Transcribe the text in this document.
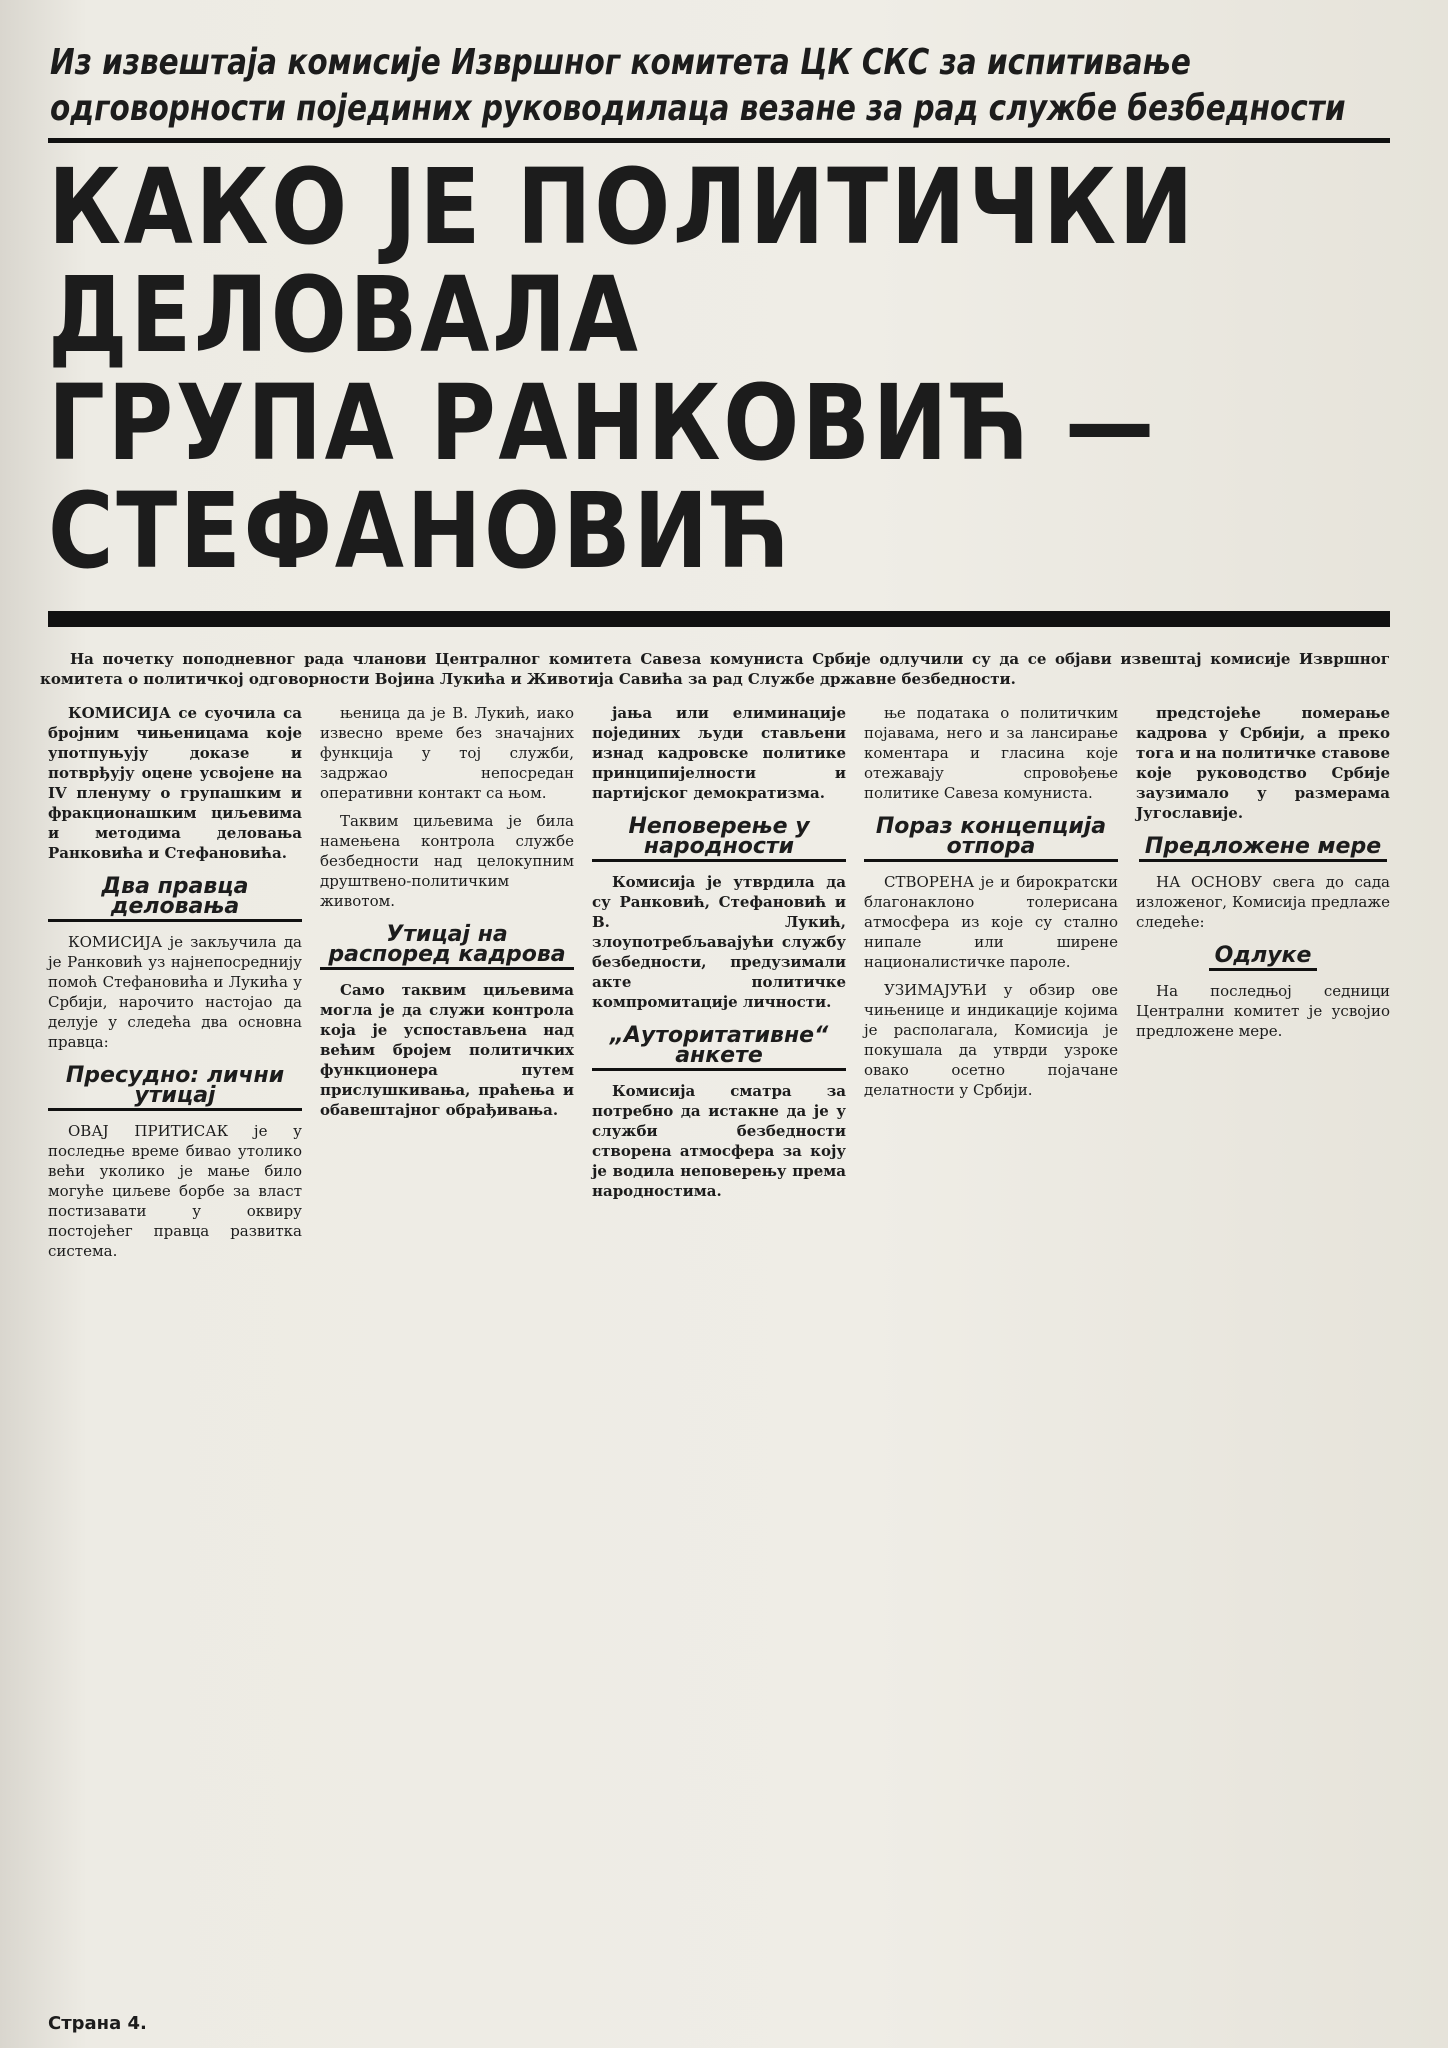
Из извештаја комисије Извршног комитета ЦК СКС за испитивање одговорности појединих руководилаца везане за рад службе безбедности
КАКО ЈЕ ПОЛИТИЧКИ ДЕЛОВАЛА
ГРУПА РАНКОВИЋ — СТЕФАНОВИЋ
На почетку поподневног рада чланови Централног комитета Савеза комуниста Србије одлучили су да се објави извештај комисије Извршног комитета о политичкој одговорности Војина Лукића и Животија Савића за рад Службе државне безбедности.

КОМИСИЈА се суочила са бројним чињеницама које употпуњују доказе и потврђују оцене усвојене на IV пленуму о групашким и фракционашким циљевима и методима деловања Ранковића и Стефановића.

Два правца деловања

КОМИСИЈА је закључила да је Ранковић уз најнепосреднију помоћ Стефановића и Лукића у Србији, нарочито настојао да делује у следећа два основна правца:

Пресудно: лични утицај

ОВАЈ ПРИТИСАК је у последње време бивао утолико већи уколико је мање било могуће циљеве борбе за власт постизавати у оквиру постојећег правца развитка система.

њеница да је В. Лукић, иако извесно време без значајних функција у тој служби, задржао непосредан оперативни контакт са њом.

Таквим циљевима је била намењена контрола службе безбедности над целокупним друштвено-политичким животом.

Утицај на распоред кадрова

Само таквим циљевима могла је да служи контрола која је успостављена над већим бројем политичких функционера путем прислушкивања, праћења и обавештајног обрађивања.

јања или елиминације појединих људи стављени изнад кадровске политике принципијелности и партијског демократизма.

Неповерење у народности

Комисија је утврдила да су Ранковић, Стефановић и В. Лукић, злоупотребљавајући службу безбедности, предузимали акте политичке компромитације личности.

„Ауторитативне“ анкете

Комисија сматра за потребно да истакне да је у служби безбедности створена атмосфера за коју је водила неповерењу према народностима.

ње података о политичким појавама, него и за лансирање коментара и гласина које отежавају спровођење политике Савеза комуниста.

Пораз концепција отпора

СТВОРЕНА је и бирократски благонаклоно толерисана атмосфера из које су стално нипале или ширене националистичке пароле.

УЗИМАЈУЋИ у обзир ове чињенице и индикације којима је располагала, Комисија је покушала да утврди узроке овако осетно појачане делатности у Србији.

предстојеће померање кадрова у Србији, а преко тога и на политичке ставове које руководство Србије заузимало у размерама Југославије.

Предложене мере

НА ОСНОВУ свега до сада изложеног, Комисија предлаже следеће:

Одлуке

На последњој седници Централни комитет је усвојио предложене мере.

Страна 4.
